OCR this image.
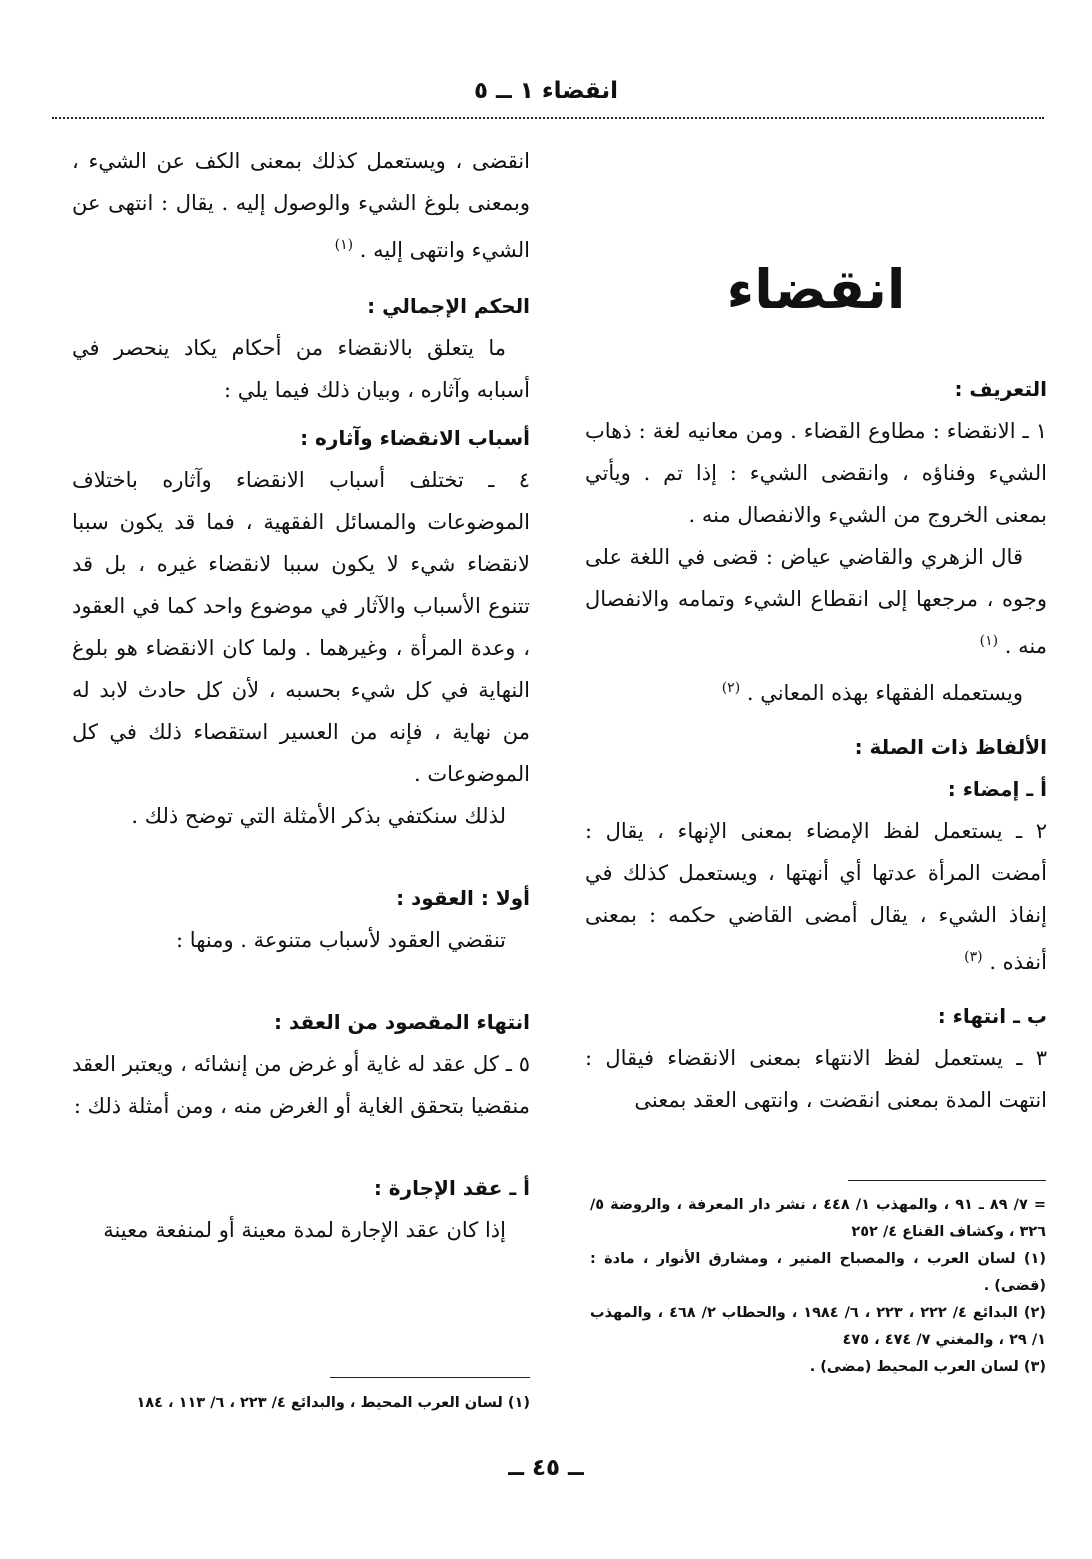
انقضاء ١ ــ ٥
انقضاء

التعريف :

١ ـ الانقضاء : مطاوع القضاء . ومن معانيه لغة : ذهاب الشيء وفناؤه ، وانقضى الشيء : إذا تم . ويأتي بمعنى الخروج من الشيء والانفصال منه .

قال الزهري والقاضي عياض : قضى في اللغة على وجوه ، مرجعها إلى انقطاع الشيء وتمامه والانفصال منه . $^{(١)}$

ويستعمله الفقهاء بهذه المعاني . $^{(٢)}$

الألفاظ ذات الصلة :

أ ـ إمضاء :

٢ ـ يستعمل لفظ الإمضاء بمعنى الإنهاء ، يقال : أمضت المرأة عدتها أي أنهتها ، ويستعمل كذلك في إنفاذ الشيء ، يقال أمضى القاضي حكمه : بمعنى أنفذه . $^{(٣)}$

ب ـ انتهاء :

٣ ـ يستعمل لفظ الانتهاء بمعنى الانقضاء فيقال : انتهت المدة بمعنى انقضت ، وانتهى العقد بمعنى

= ٧/ ٨٩ ـ ٩١ ، والمهذب ١/ ٤٤٨ ، نشر دار المعرفة ، والروضة ٥/ ٣٢٦ ، وكشاف القناع ٤/ ٢٥٢
(١) لسان العرب ، والمصباح المنير ، ومشارق الأنوار ، مادة : (قضى) .
(٢) البدائع ٤/ ٢٢٢ ، ٢٢٣ ، ٦/ ١٩٨٤ ، والحطاب ٢/ ٤٦٨ ، والمهذب ١/ ٢٩ ، والمغني ٧/ ٤٧٤ ، ٤٧٥
(٣) لسان العرب المحيط (مضى) .

انقضى ، ويستعمل كذلك بمعنى الكف عن الشيء ، وبمعنى بلوغ الشيء والوصول إليه . يقال : انتهى عن الشيء وانتهى إليه . $^{(١)}$

الحكم الإجمالي :

ما يتعلق بالانقضاء من أحكام يكاد ينحصر في أسبابه وآثاره ، وبيان ذلك فيما يلي :

أسباب الانقضاء وآثاره :

٤ ـ تختلف أسباب الانقضاء وآثاره باختلاف الموضوعات والمسائل الفقهية ، فما قد يكون سببا لانقضاء شيء لا يكون سببا لانقضاء غيره ، بل قد تتنوع الأسباب والآثار في موضوع واحد كما في العقود ، وعدة المرأة ، وغيرهما . ولما كان الانقضاء هو بلوغ النهاية في كل شيء بحسبه ، لأن كل حادث لابد له من نهاية ، فإنه من العسير استقصاء ذلك في كل الموضوعات .

لذلك سنكتفي بذكر الأمثلة التي توضح ذلك .

أولا : العقود :

تنقضي العقود لأسباب متنوعة . ومنها :

انتهاء المقصود من العقد :

٥ ـ كل عقد له غاية أو غرض من إنشائه ، ويعتبر العقد منقضيا بتحقق الغاية أو الغرض منه ، ومن أمثلة ذلك :

أ ـ عقد الإجارة :

إذا كان عقد الإجارة لمدة معينة أو لمنفعة معينة

(١) لسان العرب المحيط ، والبدائع ٤/ ٢٢٣ ، ٦/ ١١٣ ، ١٨٤
ــ ٤٥ ــ
